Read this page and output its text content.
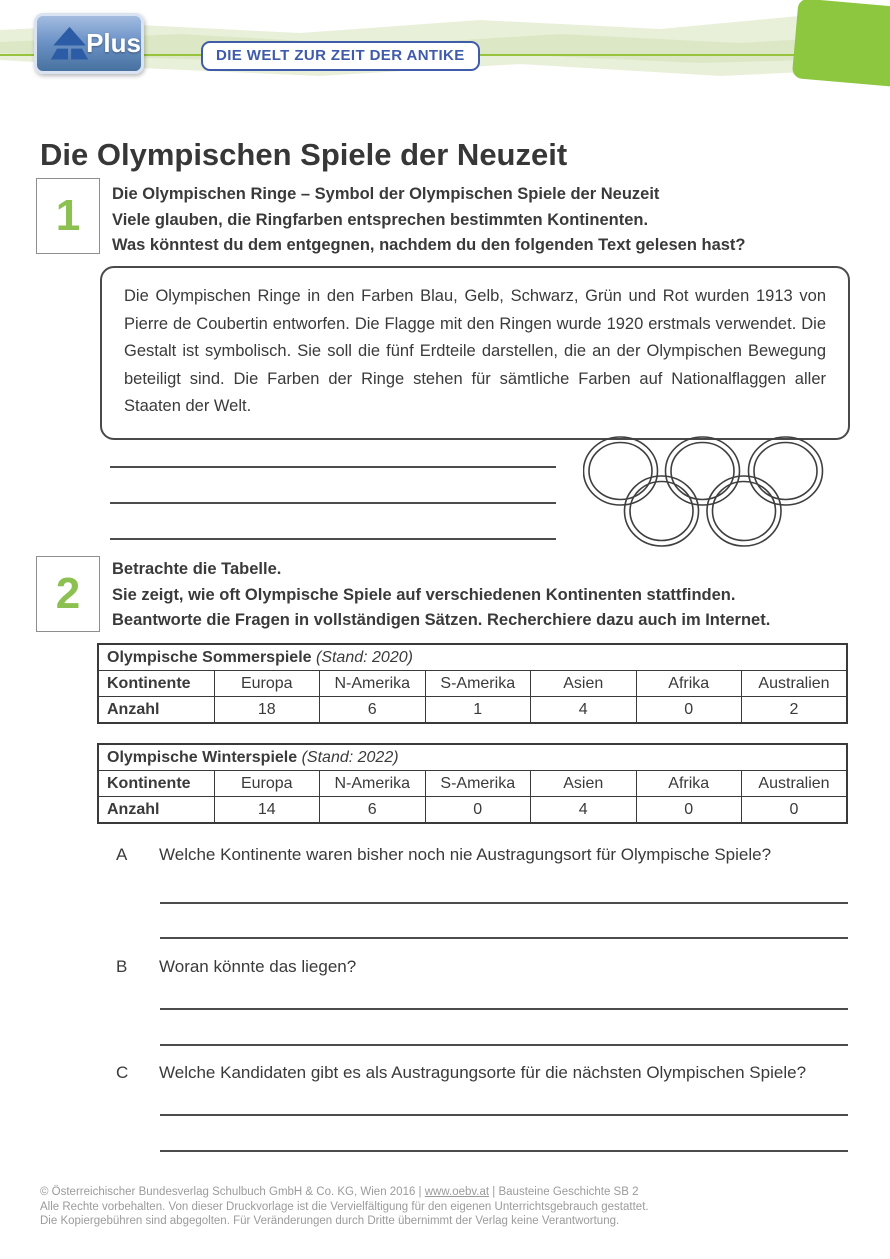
Plus	DIE WELT ZUR ZEIT DER ANTIKE
Die Olympischen Spiele der Neuzeit
1 Die Olympischen Ringe – Symbol der Olympischen Spiele der Neuzeit
Viele glauben, die Ringfarben entsprechen bestimmten Kontinenten.
Was könntest du dem entgegnen, nachdem du den folgenden Text gelesen hast?
Die Olympischen Ringe in den Farben Blau, Gelb, Schwarz, Grün und Rot wurden 1913 von Pierre de Coubertin entworfen. Die Flagge mit den Ringen wurde 1920 erstmals verwendet. Die Gestalt ist symbolisch. Sie soll die fünf Erdteile darstellen, die an der Olympischen Bewegung beteiligt sind. Die Farben der Ringe stehen für sämtliche Farben auf Nationalflaggen aller Staaten der Welt.
2 Betrachte die Tabelle.
Sie zeigt, wie oft Olympische Spiele auf verschiedenen Kontinenten stattfinden.
Beantworte die Fragen in vollständigen Sätzen. Recherchiere dazu auch im Internet.
Olympische Sommerspiele (Stand: 2020)						
Kontinente	Europa	N-Amerika	S-Amerika	Asien	Afrika	Australien
Anzahl	18	6	1	4	0	2
Olympische Winterspiele (Stand: 2022)						
Kontinente	Europa	N-Amerika	S-Amerika	Asien	Afrika	Australien
Anzahl	14	6	0	4	0	0
A Welche Kontinente waren bisher noch nie Austragungsort für Olympische Spiele?
B Woran könnte das liegen?
C Welche Kandidaten gibt es als Austragungsorte für die nächsten Olympischen Spiele?
© Österreichischer Bundesverlag Schulbuch GmbH & Co. KG, Wien 2016 | www.oebv.at | Bausteine Geschichte SB 2
Alle Rechte vorbehalten. Von dieser Druckvorlage ist die Vervielfältigung für den eigenen Unterrichtsgebrauch gestattet.
Die Kopiergebühren sind abgegolten. Für Veränderungen durch Dritte übernimmt der Verlag keine Verantwortung.
